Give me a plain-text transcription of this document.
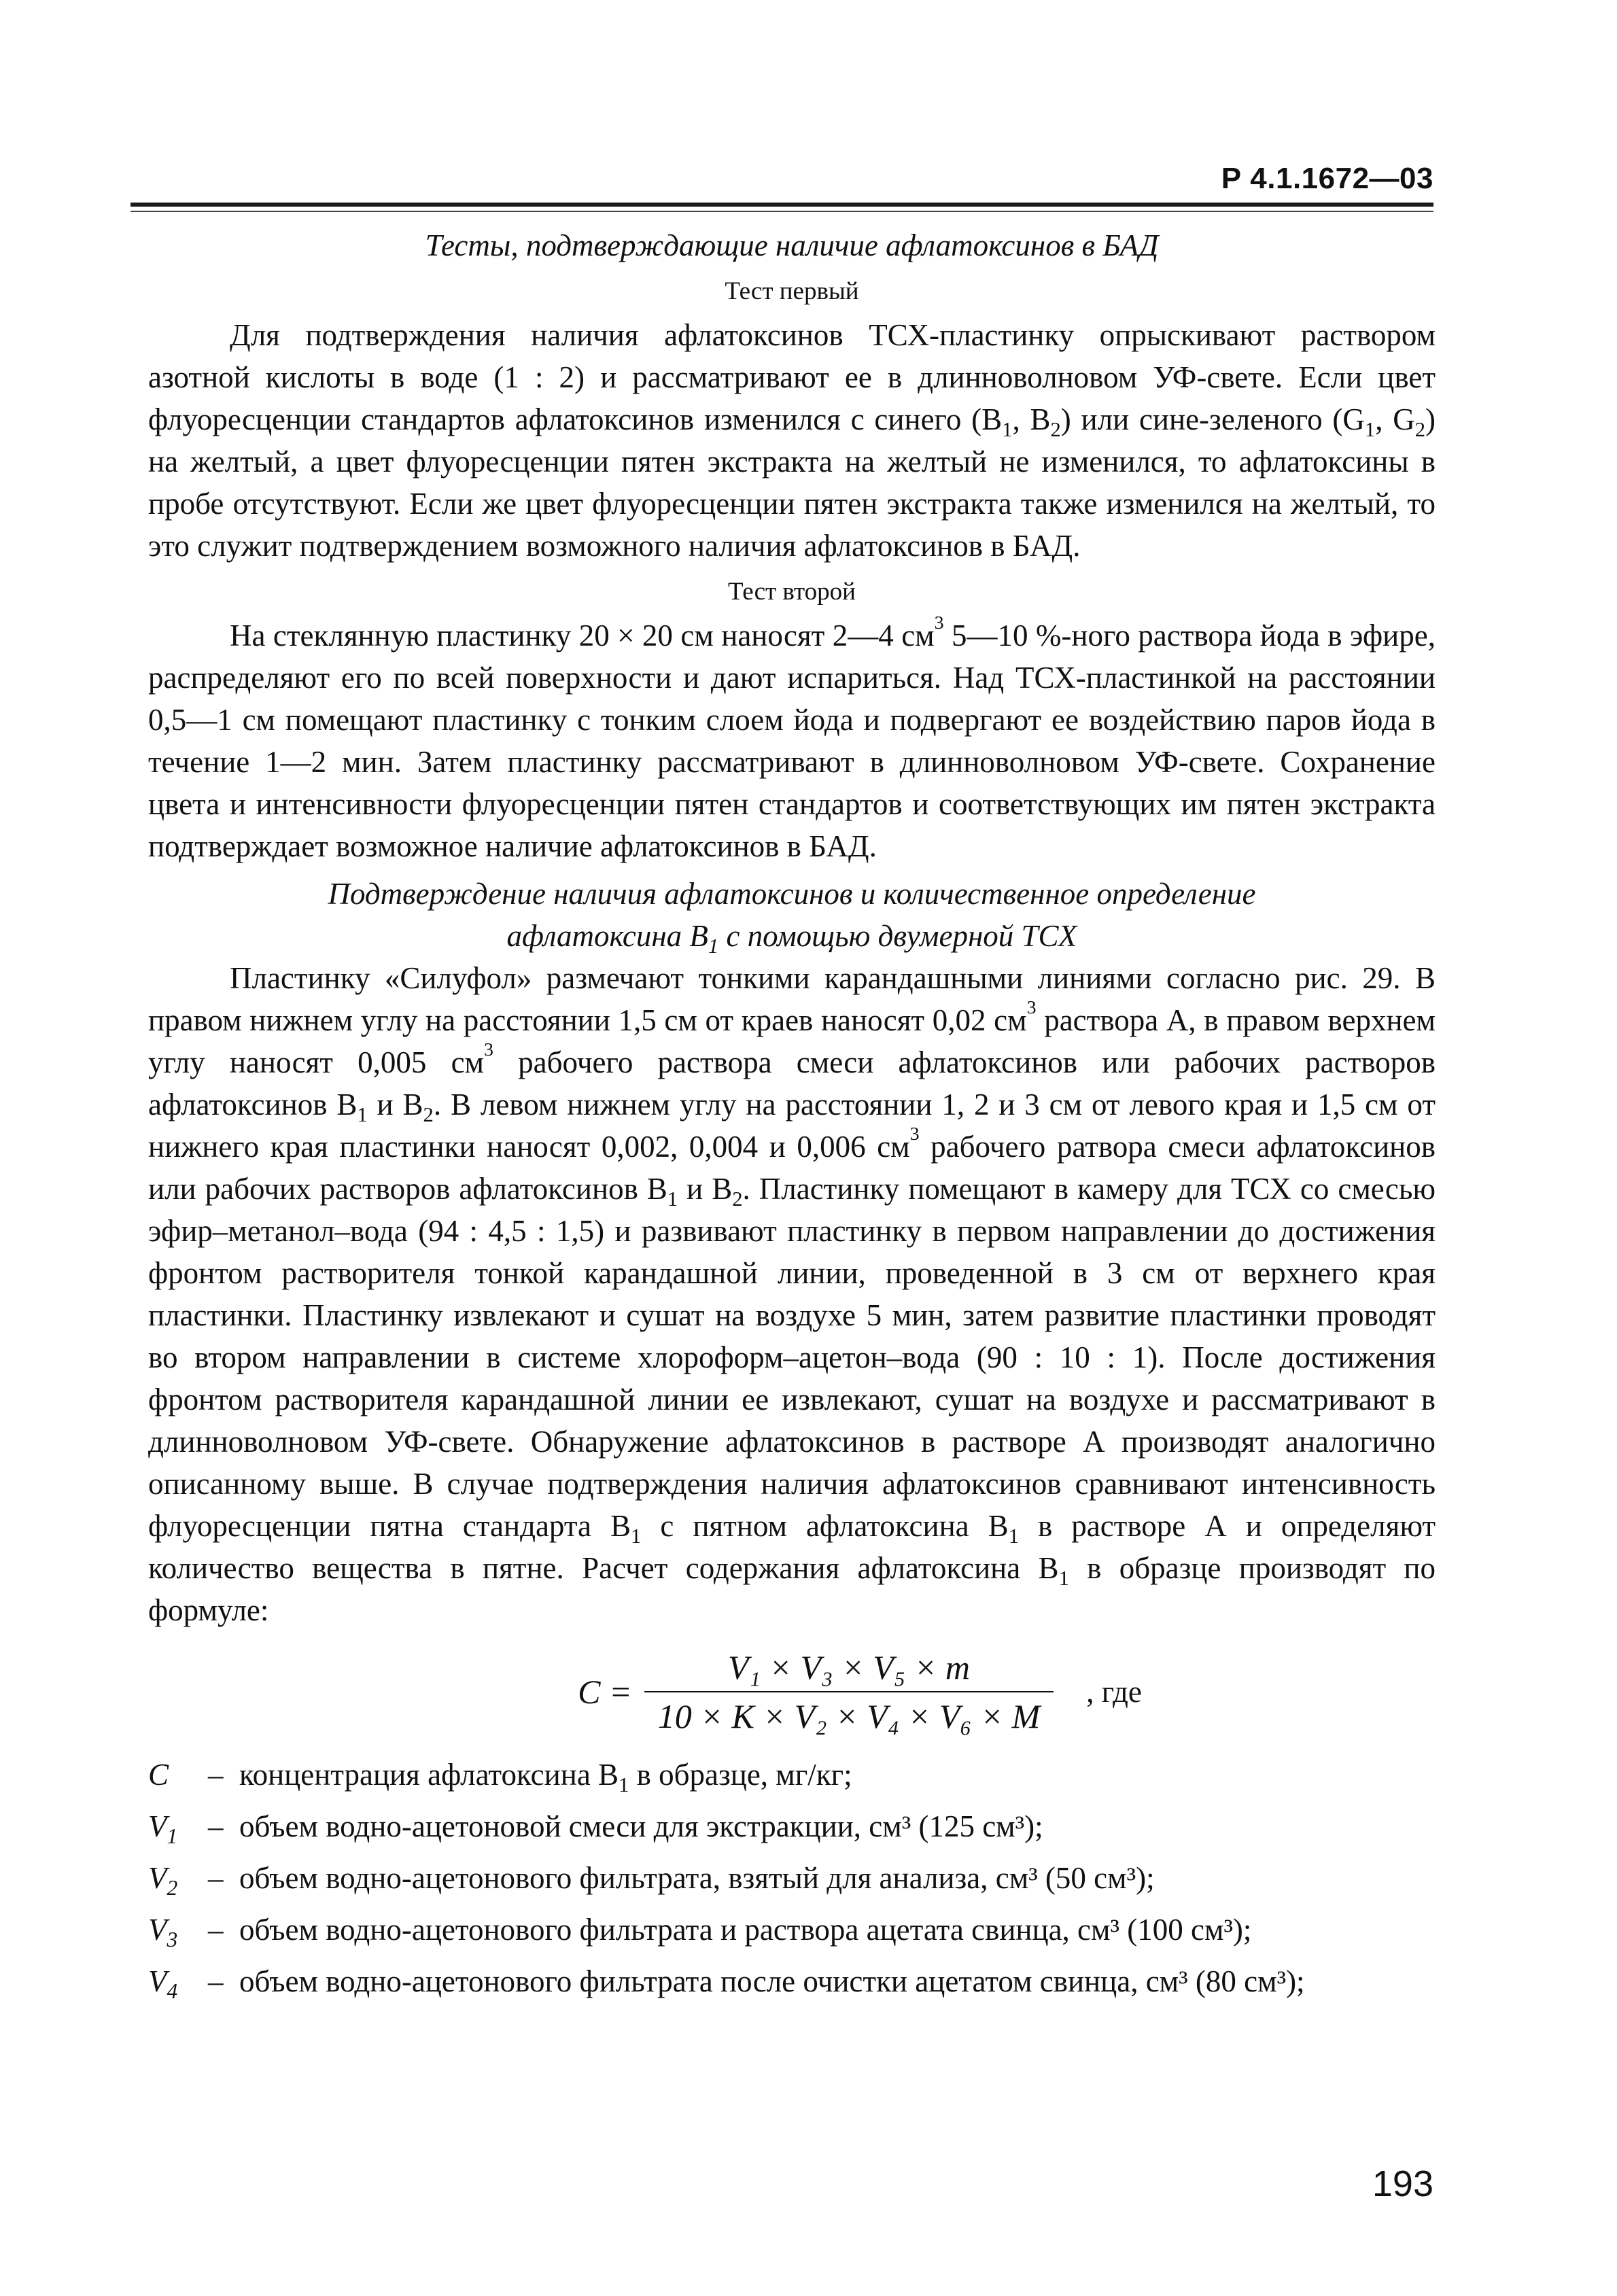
Р 4.1.1672—03

Тесты, подтверждающие наличие афлатоксинов в БАД

Тест первый

Для подтверждения наличия афлатоксинов ТСХ-пластинку опрыскивают раствором азотной кислоты в воде (1 : 2) и рассматривают ее в длинноволновом УФ-свете. Если цвет флуоресценции стандартов афлатоксинов изменился с синего ($В_1$, $В_2$) или сине-зеленого ($G_1$, $G_2$) на желтый, а цвет флуоресценции пятен экстракта на желтый не изменился, то афлатоксины в пробе отсутствуют. Если же цвет флуоресценции пятен экстракта также изменился на желтый, то это служит подтверждением возможного наличия афлатоксинов в БАД.

Тест второй

На стеклянную пластинку 20 × 20 см наносят 2—4 $см^3$ 5—10 %-ного раствора йода в эфире, распределяют его по всей поверхности и дают испариться. Над ТСХ-пластинкой на расстоянии 0,5—1 см помещают пластинку с тонким слоем йода и подвергают ее воздействию паров йода в течение 1—2 мин. Затем пластинку рассматривают в длинноволновом УФ-свете. Сохранение цвета и интенсивности флуоресценции пятен стандартов и соответствующих им пятен экстракта подтверждает возможное наличие афлатоксинов в БАД.

Подтверждение наличия афлатоксинов и количественное определение
афлатоксина $B_1$ с помощью двумерной ТСХ

Пластинку «Силуфол» размечают тонкими карандашными линиями согласно рис. 29. В правом нижнем углу на расстоянии 1,5 см от краев наносят 0,02 $см^3$ раствора А, в правом верхнем углу наносят 0,005 $см^3$ рабочего раствора смеси афлатоксинов или рабочих растворов афлатоксинов $В_1$ и $В_2$. В левом нижнем углу на расстоянии 1, 2 и 3 см от левого края и 1,5 см от нижнего края пластинки наносят 0,002, 0,004 и 0,006 $см^3$ рабочего ратвора смеси афлатоксинов или рабочих растворов афлатоксинов $В_1$ и $В_2$. Пластинку помещают в камеру для ТСХ со смесью эфир–метанол–вода (94 : 4,5 : 1,5) и развивают пластинку в первом направлении до достижения фронтом растворителя тонкой карандашной линии, проведенной в 3 см от верхнего края пластинки. Пластинку извлекают и сушат на воздухе 5 мин, затем развитие пластинки проводят во втором направлении в системе хлороформ–ацетон–вода (90 : 10 : 1). После достижения фронтом растворителя карандашной линии ее извлекают, сушат на воздухе и рассматривают в длинноволновом УФ-свете. Обнаружение афлатоксинов в растворе А производят аналогично описанному выше. В случае подтверждения наличия афлатоксинов сравнивают интенсивность флуоресценции пятна стандарта $В_1$ с пятном афлатоксина $В_1$ в растворе А и определяют количество вещества в пятне. Расчет содержания афлатоксина $В_1$ в образце производят по формуле:

$C = \frac{\text{V₁ × V₃ × V₅ × m}}{\text{10 × K × V₂ × V₄ × V₆ × M}}$ , где
C	– концентрация афлатоксина $В_1$ в образце, мг/кг;
$V_1$ – объем водно-ацетоновой смеси для экстракции, см³ (125 см³);
$V_2$ – объем водно-ацетонового фильтрата, взятый для анализа, см³ (50 см³);
$V_3$ – объем водно-ацетонового фильтрата и раствора ацетата свинца, см³ (100 см³);
$V_4$ – объем водно-ацетонового фильтрата после очистки ацетатом свинца, см³ (80 см³);
193
